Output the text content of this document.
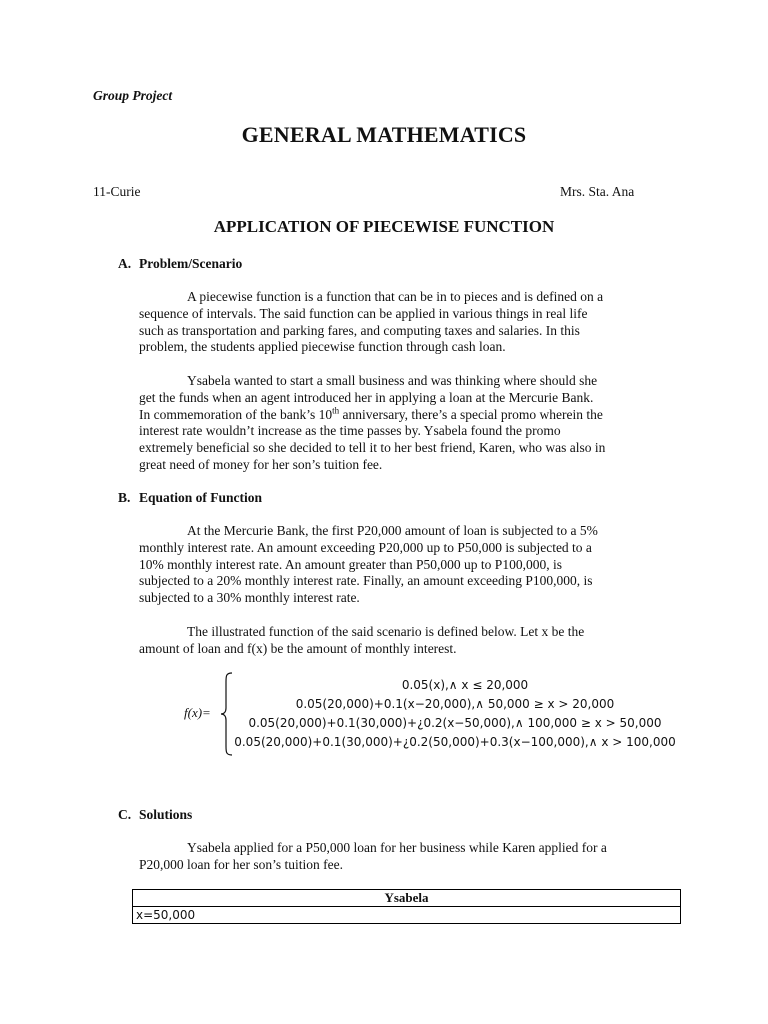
Group Project
GENERAL MATHEMATICS
11-Curie	Mrs. Sta. Ana
APPLICATION OF PIECEWISE FUNCTION
A. Problem/Scenario
A piecewise function is a function that can be in to pieces and is defined on a
sequence of intervals. The said function can be applied in various things in real life
such as transportation and parking fares, and computing taxes and salaries. In this
problem, the students applied piecewise function through cash loan.
Ysabela wanted to start a small business and was thinking where should she
get the funds when an agent introduced her in applying a loan at the Mercurie Bank.
In commemoration of the bank’s 10th anniversary, there’s a special promo wherein the
interest rate wouldn’t increase as the time passes by. Ysabela found the promo
extremely beneficial so she decided to tell it to her best friend, Karen, who was also in
great need of money for her son’s tuition fee.
B. Equation of Function
At the Mercurie Bank, the first P20,000 amount of loan is subjected to a 5%
monthly interest rate. An amount exceeding P20,000 up to P50,000 is subjected to a
10% monthly interest rate. An amount greater than P50,000 up to P100,000, is
subjected to a 20% monthly interest rate. Finally, an amount exceeding P100,000, is
subjected to a 30% monthly interest rate.
The illustrated function of the said scenario is defined below. Let x be the
amount of loan and f(x) be the amount of monthly interest.
f(x)=
0.05(x),∧ x ≤ 20,000
0.05(20,000)+0.1(x−20,000),∧ 50,000 ≥ x > 20,000
0.05(20,000)+0.1(30,000)+¿0.2(x−50,000),∧ 100,000 ≥ x > 50,000
0.05(20,000)+0.1(30,000)+¿0.2(50,000)+0.3(x−100,000),∧ x > 100,000
C. Solutions
Ysabela applied for a P50,000 loan for her business while Karen applied for a
P20,000 loan for her son’s tuition fee.
Ysabela
x=50,000
